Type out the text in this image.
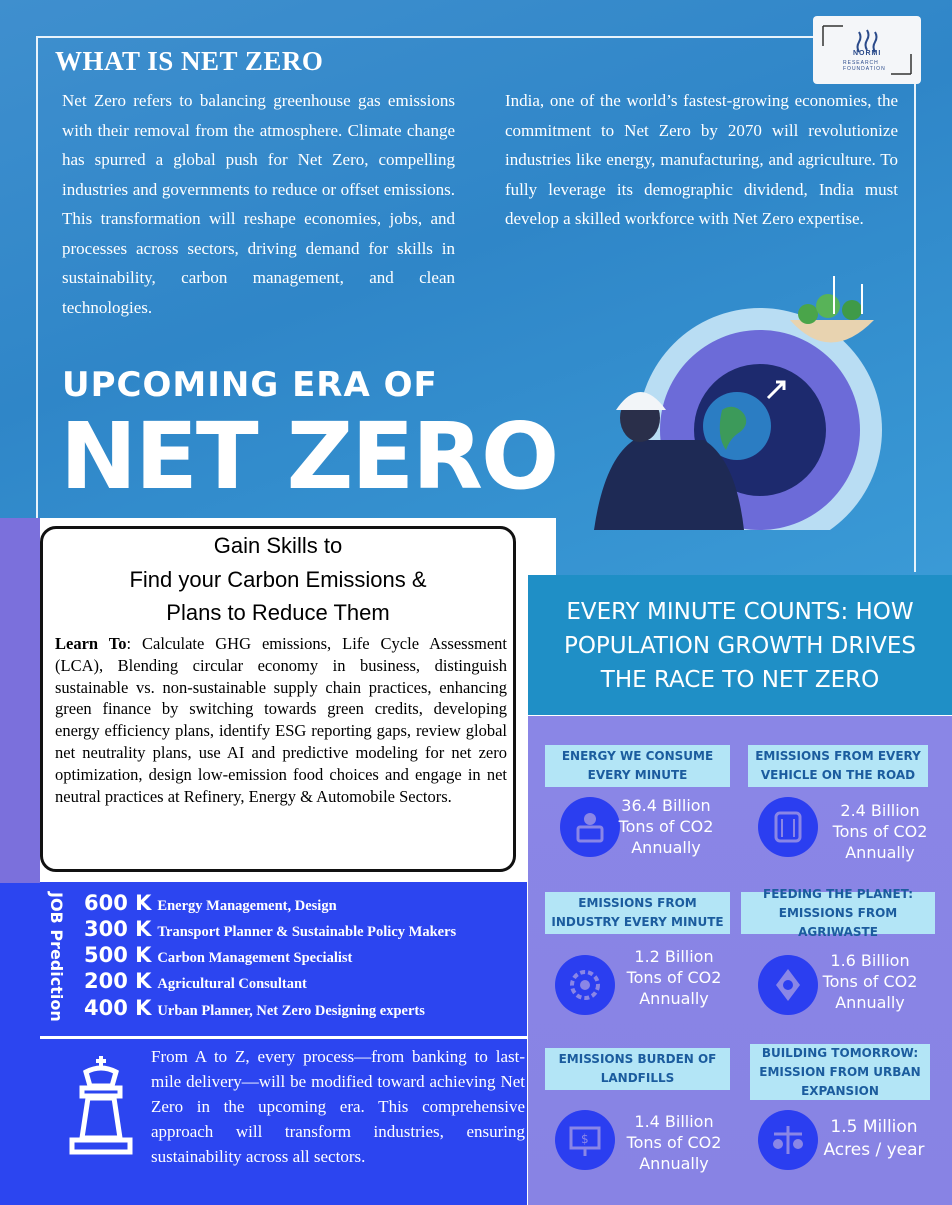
NORMI
RESEARCH FOUNDATION
WHAT IS NET ZERO
Net Zero refers to balancing greenhouse gas emissions with their removal from the atmosphere. Climate change has spurred a global push for Net Zero, compelling industries and governments to reduce or offset emissions. This transformation will reshape economies, jobs, and processes across sectors, driving demand for skills in sustainability, carbon management, and clean technologies.
India, one of the world’s fastest-growing economies, the commitment to Net Zero by 2070 will revolutionize industries like energy, manufacturing, and agriculture. To fully leverage its demographic dividend, India must develop a skilled workforce with Net Zero expertise.
UPCOMING ERA OF
NET ZERO
Gain Skills to
Find your Carbon Emissions &
Plans to Reduce Them
Learn To: Calculate GHG emissions, Life Cycle Assessment (LCA), Blending circular economy in business, distinguish sustainable vs. non-sustainable supply chain practices, enhancing green finance by switching towards green credits, developing energy efficiency plans, identify ESG reporting gaps, review global net neutrality plans, use AI and predictive modeling for net zero optimization, design low-emission food choices and engage in net neutral practices at Refinery, Energy & Automobile Sectors.
JOB Prediction 600 K Energy Management, Design
300 K Transport Planner & Sustainable Policy Makers
500 K Carbon Management Specialist
200 K Agricultural Consultant
400 K Urban Planner, Net Zero Designing experts
From A to Z, every process—from banking to last-mile delivery—will be modified toward achieving Net Zero in the upcoming era. This comprehensive approach will transform industries, ensuring sustainability across all sectors.
EVERY MINUTE COUNTS: HOW
POPULATION GROWTH DRIVES
THE RACE TO NET ZERO
ENERGY WE CONSUME
EVERY MINUTE
36.4 Billion
Tons of CO2
Annually
EMISSIONS FROM EVERY
VEHICLE ON THE ROAD
2.4 Billion
Tons of CO2
Annually
EMISSIONS FROM
INDUSTRY EVERY MINUTE
1.2 Billion
Tons of CO2
Annually
FEEDING THE PLANET:
EMISSIONS FROM AGRIWASTE
1.6 Billion
Tons of CO2
Annually
EMISSIONS BURDEN OF
LANDFILLS
$
1.4 Billion
Tons of CO2
Annually
BUILDING TOMORROW:
EMISSION FROM URBAN
EXPANSION
1.5 Million
Acres / year
